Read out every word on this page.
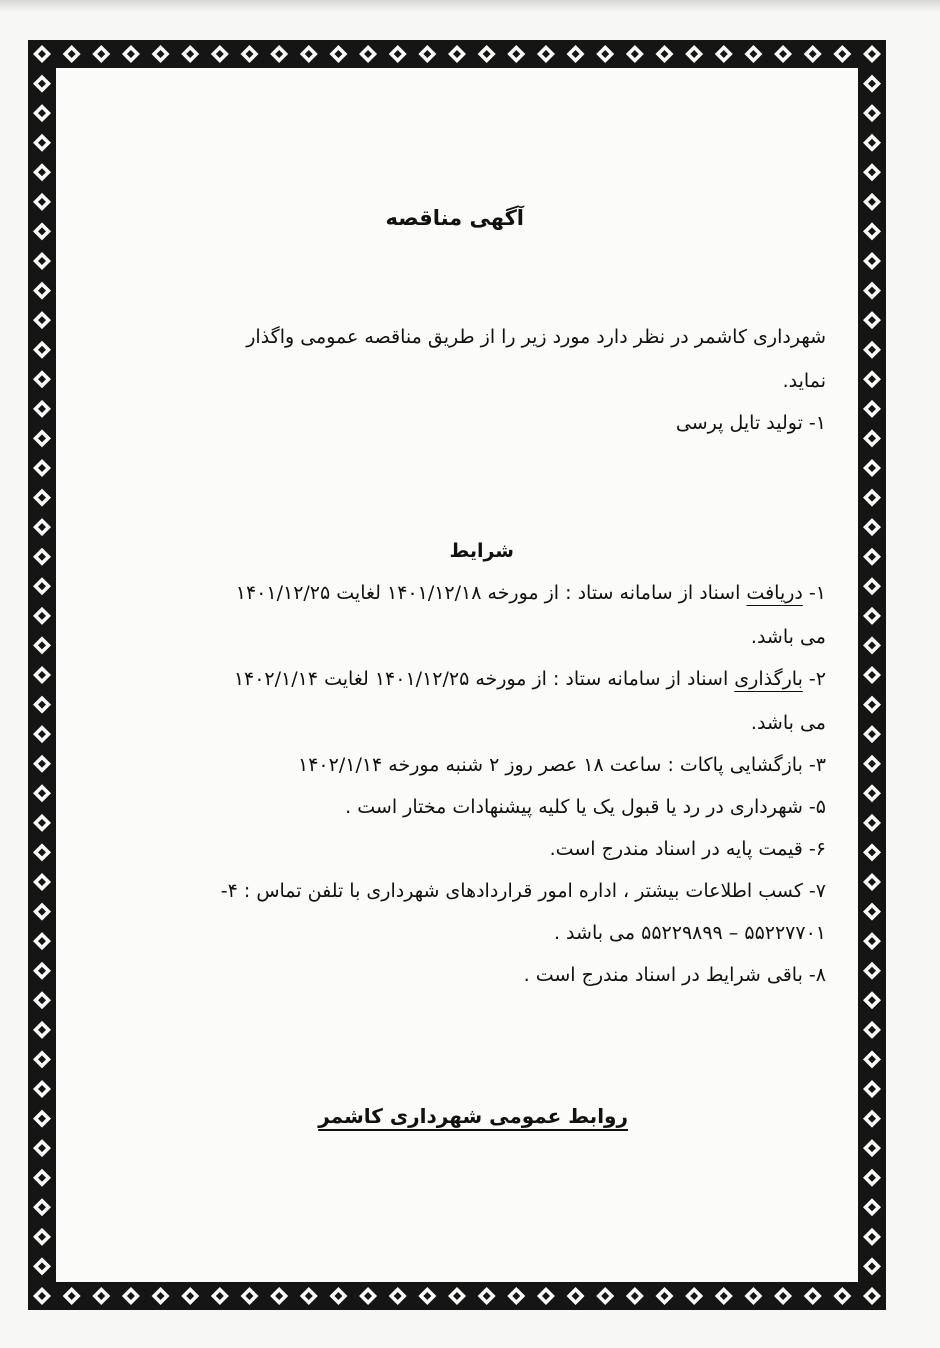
آگهی مناقصه
شهرداری کاشمر در نظر دارد مورد زیر را از طریق مناقصه عمومی واگذار
نماید.
۱- تولید تایل پرسی
شرایط
۱- دریافت اسناد از سامانه ستاد : از مورخه ۱۴۰۱/۱۲/۱۸ لغایت ۱۴۰۱/۱۲/۲۵
می باشد.
۲- بارگذاری اسناد از سامانه ستاد : از مورخه ۱۴۰۱/۱۲/۲۵ لغایت ۱۴۰۲/۱/۱۴
می باشد.
۳- بازگشایی پاکات : ساعت ۱۸ عصر روز ۲ شنبه مورخه ۱۴۰۲/۱/۱۴
۵- شهرداری در رد یا قبول یک یا کلیه پیشنهادات مختار است .
۶- قیمت پایه در اسناد مندرج است.
۷- کسب اطلاعات بیشتر ، اداره امور قراردادهای شهرداری با تلفن تماس : ۴-
۵۵۲۲۷۷۰۱ – ۵۵۲۲۹۸۹۹ می باشد .
۸- باقی شرایط در اسناد مندرج است .
روابط عمومی شهرداری کاشمر
